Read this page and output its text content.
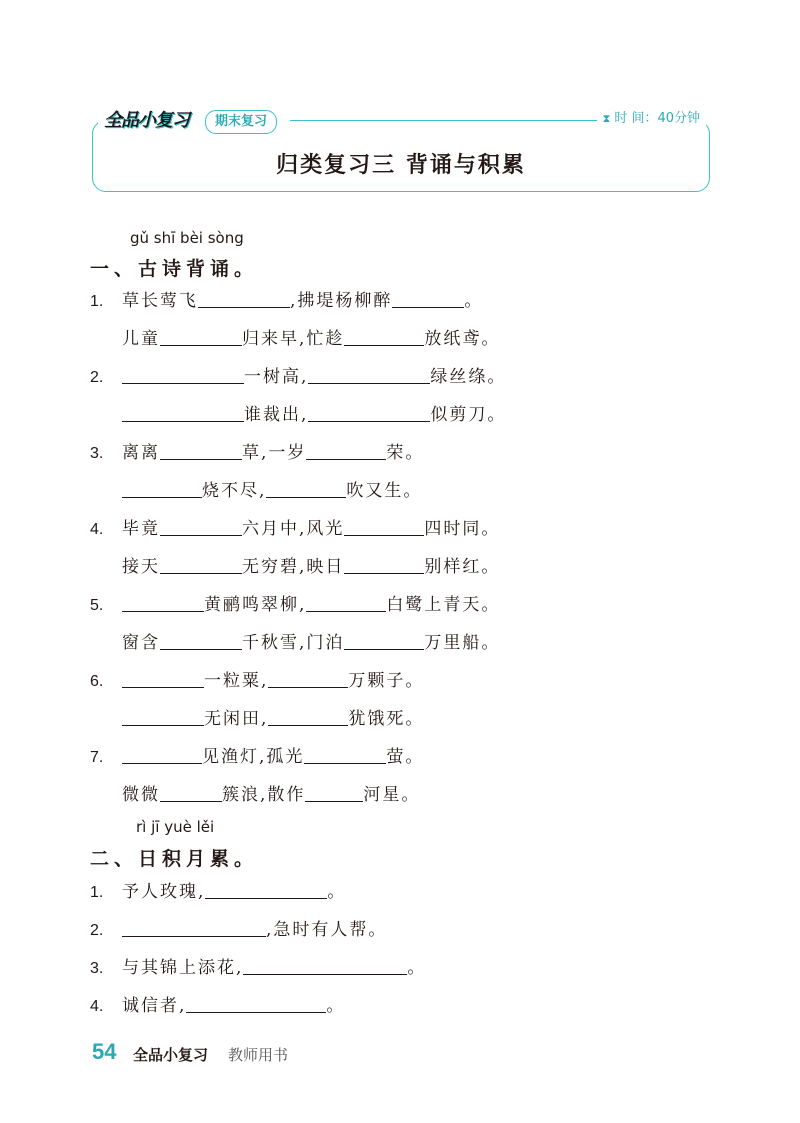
全品小复习	期末复习	⧗ 时 间：40分钟
归类复习三 背诵与积累
gǔ shī bèi sòng
一、古诗背诵。
1. 草长莺飞	,拂堤杨柳醉	。
儿童	归来早,忙趁	放纸鸢。
2.	一树高,	绿丝绦。
谁裁出,	似剪刀。
3. 离离	草,一岁	荣。
烧不尽,	吹又生。
4. 毕竟	六月中,风光	四时同。
接天	无穷碧,映日	别样红。
5.	黄鹂鸣翠柳,	白鹭上青天。
窗含	千秋雪,门泊	万里船。
6.	一粒粟,	万颗子。
无闲田,	犹饿死。
7.	见渔灯,孤光	萤。
微微	簇浪,散作	河星。
rì jī yuè lěi
二、日积月累。
1. 予人玫瑰,	。
2.	,急时有人帮。
3. 与其锦上添花,	。
4. 诚信者,	。
54 全品小复习 教师用书
